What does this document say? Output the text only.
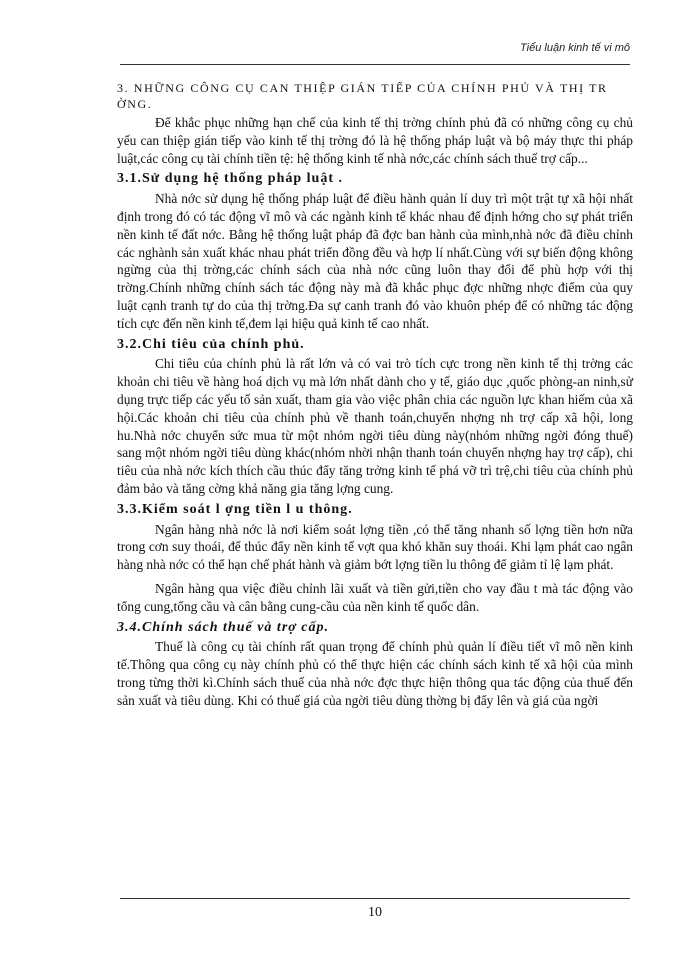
Tiểu luận kinh tế vi mô
3. NHỮNG CÔNG CỤ CAN THIỆP GIÁN TIẾP CỦA CHÍNH PHỦ VÀ THỊ TR ỜNG.

Để khắc phục những hạn chế của kinh tế thị trờng chính phủ đã có những công cụ chủ yếu can thiệp gián tiếp vào kinh tế thị trờng đó là hệ thống pháp luật và bộ máy thực thi pháp luật,các công cụ tài chính tiền tệ: hệ thống kinh tế nhà nớc,các chính sách thuế trợ cấp...

3.1.Sử dụng hệ thống pháp luật .

Nhà nớc sử dụng hệ thống pháp luật để điều hành quản lí duy trì một trật tự xã hội nhất định trong đó có tác động vĩ mô và các ngành kinh tế khác nhau để định hớng cho sự phát triển nền kinh tế đất nớc. Bằng hệ thống luật pháp đã đợc ban hành của mình,nhà nớc đã điều chỉnh các nghành sản xuất khác nhau phát triển đồng đều và hợp lí nhất.Cùng với sự biến động không ngừng của thị trờng,các chính sách của nhà nớc cũng luôn thay đổi để phù hợp với thị trờng.Chính những chính sách tác động này mà đã khắc phục đợc những nhợc điểm của quy luật cạnh tranh tự do của thị trờng.Đa sự canh tranh đó vào khuôn phép để có những tác động tích cực đến nền kinh tế,đem lại hiệu quả kinh tế cao nhất.

3.2.Chi tiêu của chính phủ.

Chi tiêu của chính phủ là rất lớn và có vai trò tích cực trong nền kinh tế thị trờng các khoản chi tiêu về hàng hoá dịch vụ mà lớn nhất dành cho y tế, giáo dục ,quốc phòng-an ninh,sử dụng trực tiếp các yếu tố sản xuất, tham gia vào việc phân chia các nguồn lực khan hiếm của xã hội.Các khoản chi tiêu của chính phủ về thanh toán,chuyển nhợng nh trợ cấp xã hội, long hu.Nhà nớc chuyển sức mua từ một nhóm ngời tiêu dùng này(nhóm những ngời đóng thuế) sang một nhóm ngời tiêu dùng khác(nhóm nhời nhận thanh toán chuyển nhợng hay trợ cấp), chi tiêu của nhà nớc kích thích cầu thúc đẩy tăng trởng kinh tế phá vỡ trì trệ,chi tiêu của chính phủ đảm bảo và tăng cờng khả năng gia tăng lợng cung.

3.3.Kiểm soát l ợng tiền l u thông.

Ngân hàng nhà nớc là nơi kiểm soát lợng tiền ,có thể tăng nhanh số lợng tiền hơn nữa trong cơn suy thoái, để thúc đẩy nền kinh tế vợt qua khó khăn suy thoái. Khi lạm phát cao ngân hàng nhà nớc có thể hạn chế phát hành và giảm bớt lợng tiền lu thông để giảm tỉ lệ lạm phát.

Ngân hàng qua việc điều chỉnh lãi xuất và tiền gửi,tiền cho vay đầu t mà tác động vào tổng cung,tổng cầu và cân bằng cung-cầu của nền kinh tế quốc dân.

3.4.Chính sách thuế và trợ cấp.

Thuế là công cụ tài chính rất quan trọng để chính phủ quản lí điều tiết vĩ mô nền kinh tế.Thông qua công cụ này chính phủ có thể thực hiện các chính sách kinh tế xã hội của mình trong từng thời kì.Chính sách thuế của nhà nớc đợc thực hiện thông qua tác động của thuế đến sản xuất và tiêu dùng. Khi có thuế giá của ngời tiêu dùng thờng bị đẩy lên và giá của ngời

10
